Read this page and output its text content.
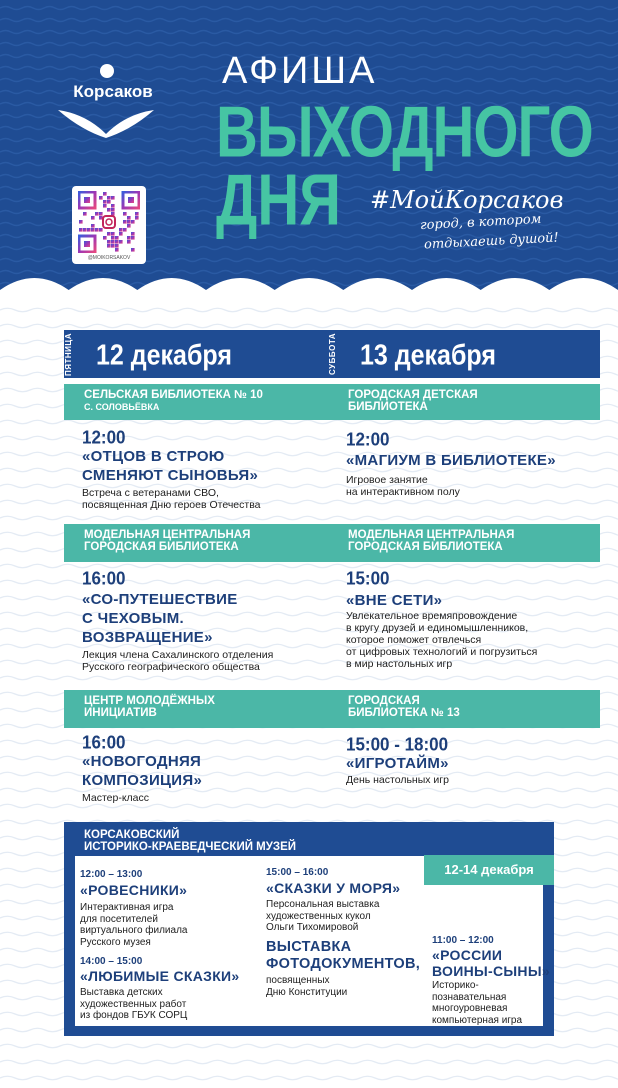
Корсаков
@MOIKORSAKOV
АФИША
ВЫХОДНОГО
ДНЯ #МойКорсаков
город, в котором
отдыхаешь душой!
ПЯТНИЦА 12 декабря	СУББОТА 13 декабря
СЕЛЬСКАЯ БИБЛИОТЕКА № 10
С. СОЛОВЬЁВКА
12:00
«ОТЦОВ В СТРОЮ
СМЕНЯЮТ СЫНОВЬЯ»
Встреча с ветеранами СВО,
посвященная Дню героев Отечества
МОДЕЛЬНАЯ ЦЕНТРАЛЬНАЯ
ГОРОДСКАЯ БИБЛИОТЕКА
16:00
«СО-ПУТЕШЕСТВИЕ
С ЧЕХОВЫМ.
ВОЗВРАЩЕНИЕ»
Лекция члена Сахалинского отделения
Русского географического общества
ЦЕНТР МОЛОДЁЖНЫХ
ИНИЦИАТИВ
16:00
«НОВОГОДНЯЯ
КОМПОЗИЦИЯ»
Мастер-класс
ГОРОДСКАЯ ДЕТСКАЯ
БИБЛИОТЕКА
12:00
«МАГИУМ В БИБЛИОТЕКЕ»
Игровое занятие
на интерактивном полу
МОДЕЛЬНАЯ ЦЕНТРАЛЬНАЯ
ГОРОДСКАЯ БИБЛИОТЕКА
15:00
«ВНЕ СЕТИ»
Увлекательное времяпровождение
в кругу друзей и единомышленников,
которое поможет отвлечься
от цифровых технологий и погрузиться
в мир настольных игр
ГОРОДСКАЯ
БИБЛИОТЕКА № 13
15:00 - 18:00
«ИГРОТАЙМ»
День настольных игр
КОРСАКОВСКИЙ
ИСТОРИКО-КРАЕВЕДЧЕСКИЙ МУЗЕЙ
12-14 декабря
12:00 – 13:00
«РОВЕСНИКИ»
Интерактивная игра
для посетителей
виртуального филиала
Русского музея
14:00 – 15:00
«ЛЮБИМЫЕ СКАЗКИ»
Выставка детских
художественных работ
из фондов ГБУК СОРЦ
15:00 – 16:00
«СКАЗКИ У МОРЯ»
Персональная выставка
художественных кукол
Ольги Тихомировой
ВЫСТАВКА
ФОТОДОКУМЕНТОВ,
посвященных
Дню Конституции
11:00 – 12:00
«РОССИИ
ВОИНЫ-СЫНЫ»
Историко-
познавательная
многоуровневая
компьютерная игра
